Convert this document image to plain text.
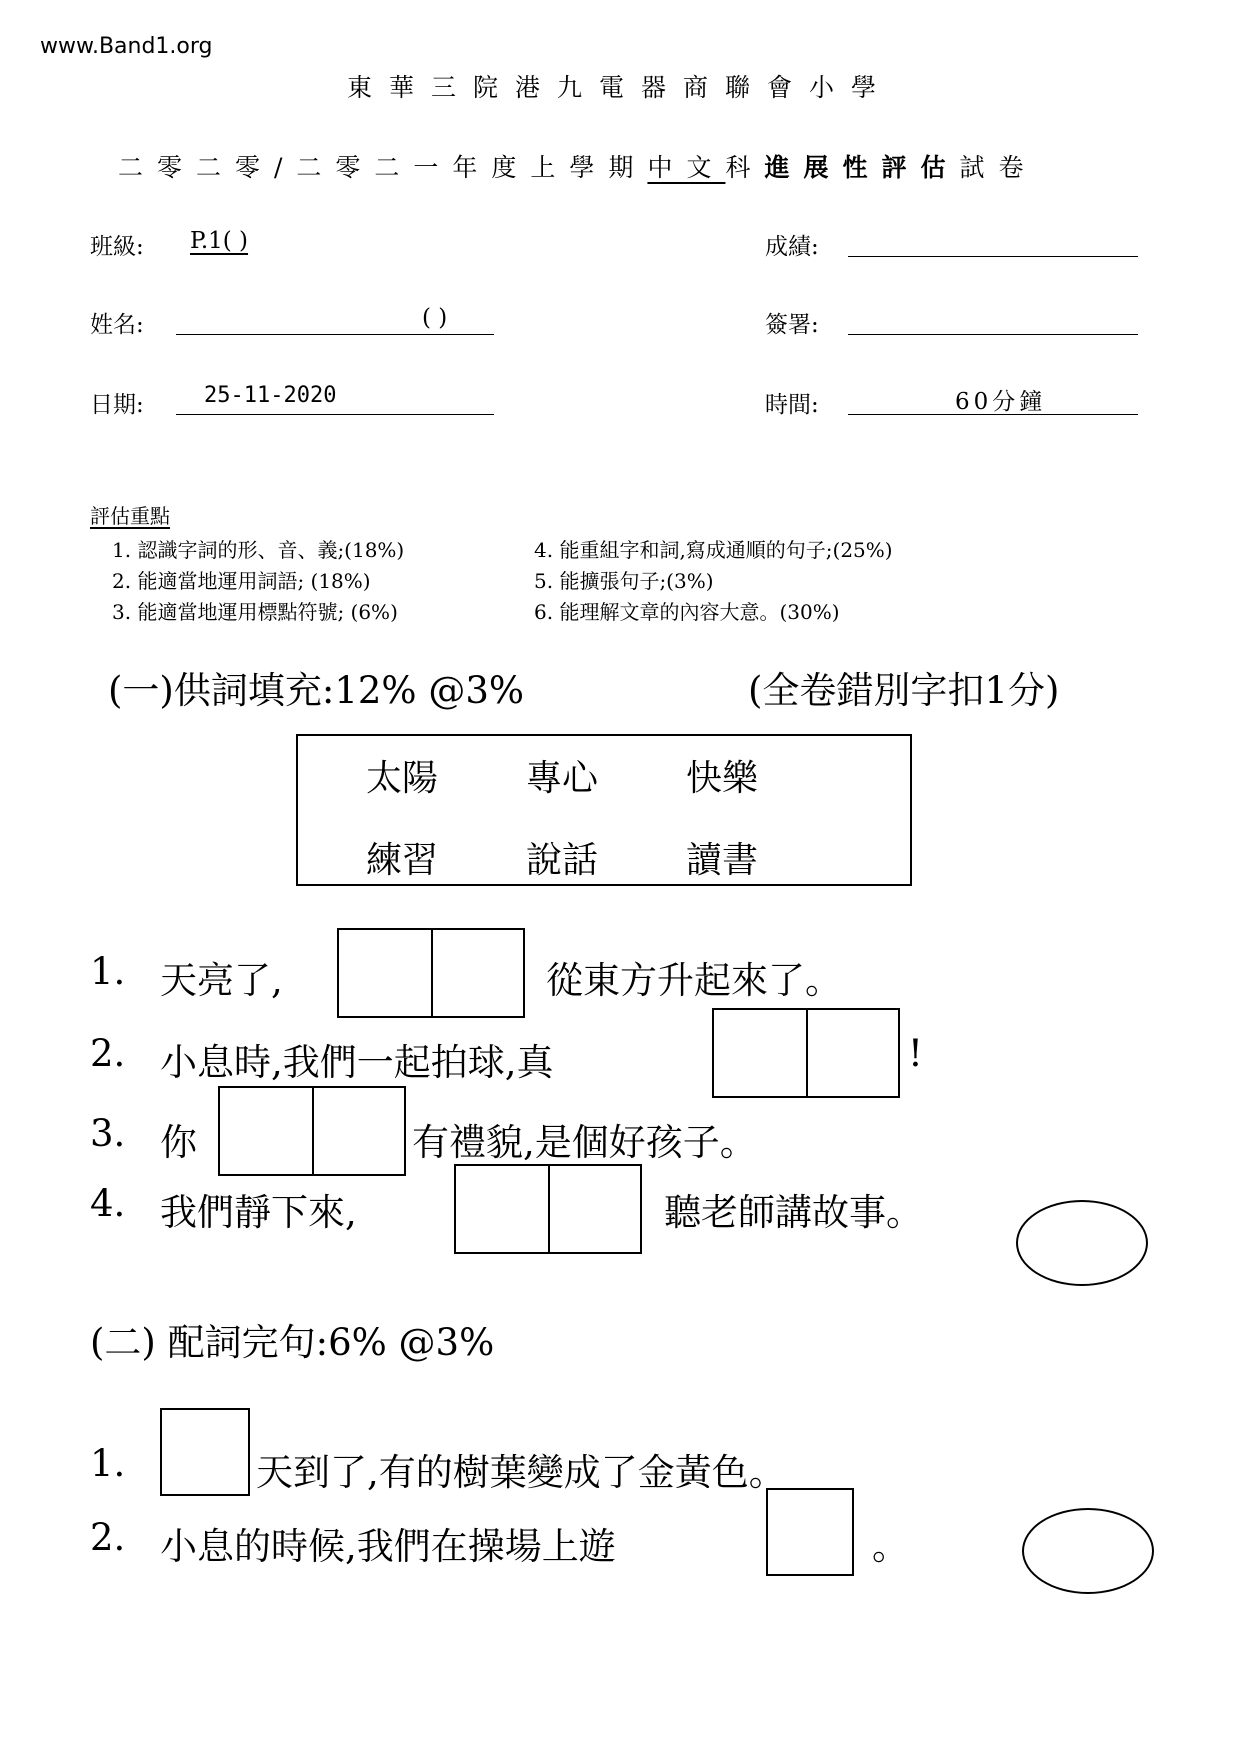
www.Band1.org
東華三院港九電器商聯會小學
二零二零/二零二一年度上學期中文科進展性評估試卷
班級: P.1( )	成績:
姓名:	( )	簽署:
日期:	25-11-2020	時間:	60分鐘
評估重點
1. 認識字詞的形、音、義;(18%)
2. 能適當地運用詞語; (18%)
3. 能適當地運用標點符號; (6%)
4. 能重組字和詞,寫成通順的句子;(25%)
5. 能擴張句子;(3%)
6. 能理解文章的內容大意。(30%)
(一)供詞填充:12% @3%	(全卷錯別字扣1分)
太陽 專心 快樂
練習 說話 讀書
1. 天亮了,	從東方升起來了。
2. 小息時,我們一起拍球,真	!
3. 你	有禮貌,是個好孩子。
4. 我們靜下來,	聽老師講故事。
(二) 配詞完句:6% @3%
1.	天到了,有的樹葉變成了金黃色。
2. 小息的時候,我們在操場上遊	。
